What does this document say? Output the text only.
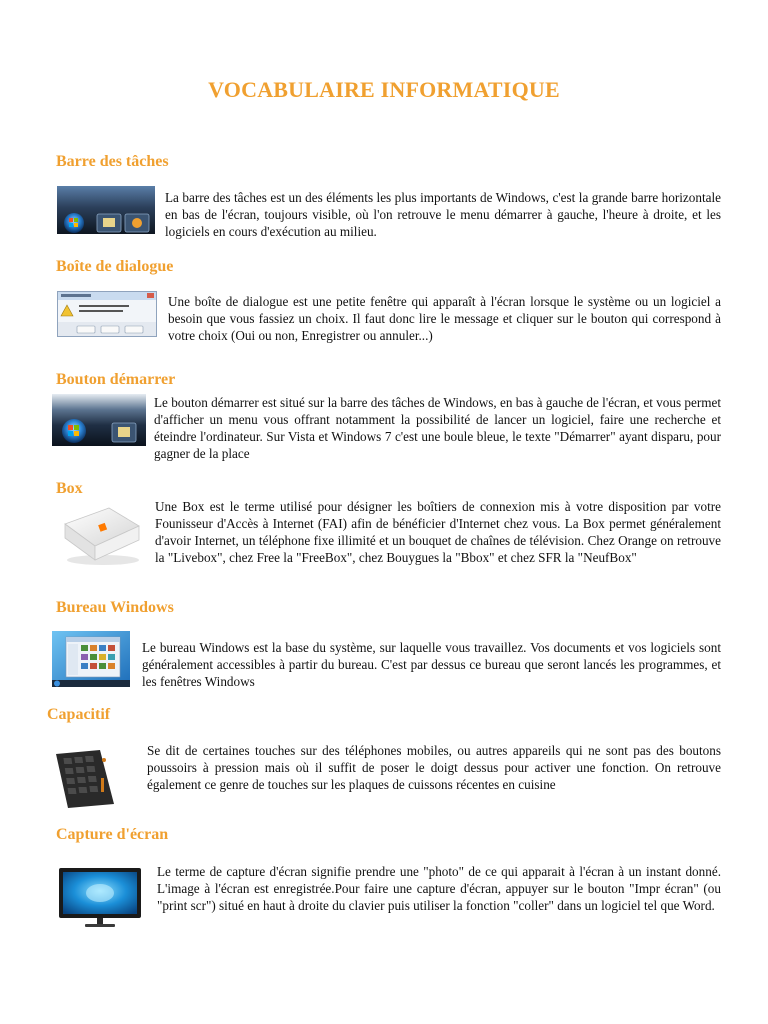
VOCABULAIRE INFORMATIQUE
Barre des tâches
La barre des tâches est un des éléments les plus importants de Windows, c'est la grande barre horizontale en bas de l'écran, toujours visible, où l'on retrouve le menu démarrer à gauche, l'heure à droite, et les logiciels en cours d'exécution au milieu.
Boîte de dialogue
Une boîte de dialogue est une petite fenêtre qui apparaît à l'écran lorsque le système ou un logiciel a besoin que vous fassiez un choix. Il faut donc lire le message et cliquer sur le bouton qui correspond à votre choix (Oui ou non, Enregistrer ou annuler...)
Bouton démarrer
Le bouton démarrer est situé sur la barre des tâches de Windows, en bas à gauche de l'écran, et vous permet d'afficher un menu vous offrant notamment la possibilité de lancer un logiciel, faire une recherche et éteindre l'ordinateur. Sur Vista et Windows 7 c'est une boule bleue, le texte "Démarrer" ayant disparu, pour gagner de la place
Box
Une Box est le terme utilisé pour désigner les boîtiers de connexion mis à votre disposition par votre Founisseur d'Accès à Internet (FAI) afin de bénéficier d'Internet chez vous. La Box permet généralement d'avoir Internet, un téléphone fixe illimité et un bouquet de chaînes de télévision. Chez Orange on retrouve la "Livebox", chez Free la "FreeBox", chez Bouygues la "Bbox" et chez SFR la "NeufBox"
Bureau Windows
Le bureau Windows est la base du système, sur laquelle vous travaillez. Vos documents et vos logiciels sont généralement accessibles à partir du bureau. C'est par dessus ce bureau que seront lancés les programmes, et les fenêtres Windows
Capacitif
Se dit de certaines touches sur des téléphones mobiles, ou autres appareils qui ne sont pas des boutons poussoirs à pression mais où il suffit de poser le doigt dessus pour activer une fonction. On retrouve également ce genre de touches sur les plaques de cuissons récentes en cuisine
Capture d'écran
Le terme de capture d'écran signifie prendre une "photo" de ce qui apparait à l'écran à un instant donné. L'image à l'écran est enregistrée.Pour faire une capture d'écran, appuyer sur le bouton "Impr écran" (ou "print scr") situé en haut à droite du clavier puis utiliser la fonction "coller" dans un logiciel tel que Word.
